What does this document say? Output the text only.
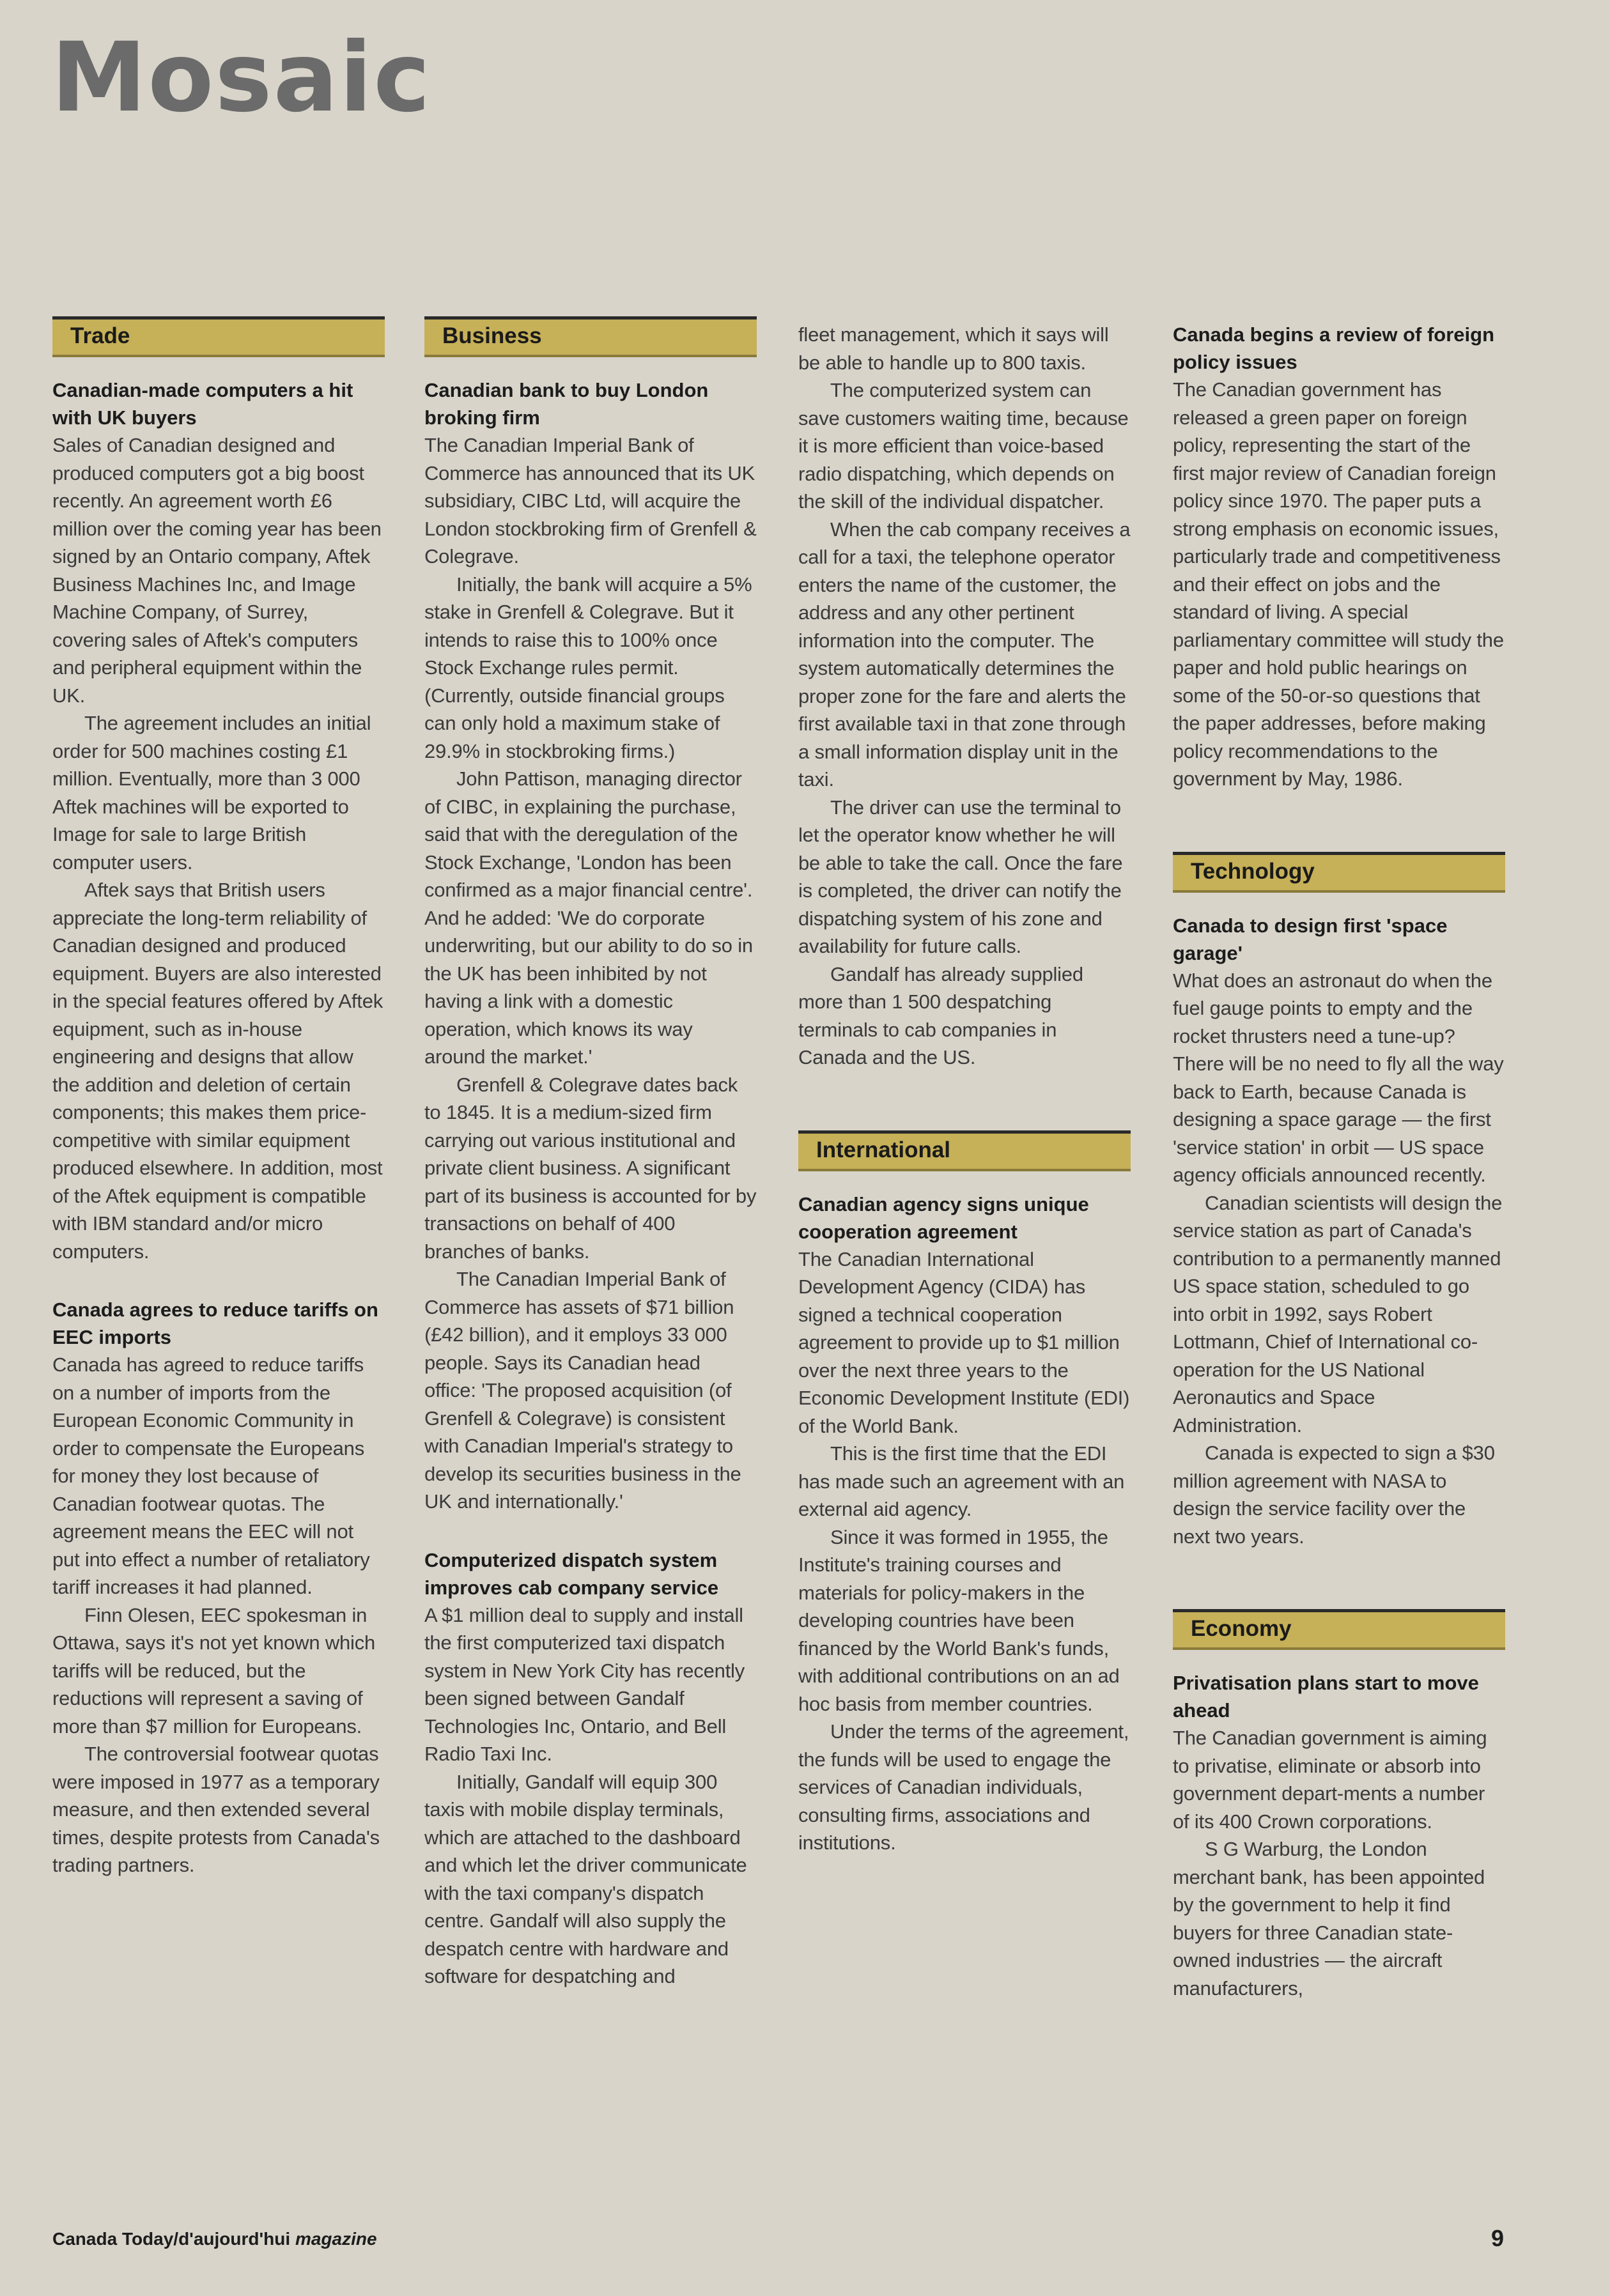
Mosaic
Trade
Canadian-made computers a hit with UK buyers

Sales of Canadian designed and produced computers got a big boost recently. An agreement worth £6 million over the coming year has been signed by an Ontario company, Aftek Business Machines Inc, and Image Machine Company, of Surrey, covering sales of Aftek's computers and peripheral equipment within the UK.

The agreement includes an initial order for 500 machines costing £1 million. Eventually, more than 3 000 Aftek machines will be exported to Image for sale to large British computer users.

Aftek says that British users appreciate the long-term reliability of Canadian designed and produced equipment. Buyers are also interested in the special features offered by Aftek equipment, such as in-house engineering and designs that allow the addition and deletion of certain components; this makes them price-competitive with similar equipment produced elsewhere. In addition, most of the Aftek equipment is compatible with IBM standard and/or micro computers.

Canada agrees to reduce tariffs on EEC imports

Canada has agreed to reduce tariffs on a number of imports from the European Economic Community in order to compensate the Europeans for money they lost because of Canadian footwear quotas. The agreement means the EEC will not put into effect a number of retaliatory tariff increases it had planned.

Finn Olesen, EEC spokesman in Ottawa, says it's not yet known which tariffs will be reduced, but the reductions will represent a saving of more than $7 million for Europeans.

The controversial footwear quotas were imposed in 1977 as a temporary measure, and then extended several times, despite protests from Canada's trading partners.

Business
Canadian bank to buy London broking firm

The Canadian Imperial Bank of Commerce has announced that its UK subsidiary, CIBC Ltd, will acquire the London stockbroking firm of Grenfell & Colegrave.

Initially, the bank will acquire a 5% stake in Grenfell & Colegrave. But it intends to raise this to 100% once Stock Exchange rules permit. (Currently, outside financial groups can only hold a maximum stake of 29.9% in stockbroking firms.)

John Pattison, managing director of CIBC, in explaining the purchase, said that with the deregulation of the Stock Exchange, 'London has been confirmed as a major financial centre'. And he added: 'We do corporate underwriting, but our ability to do so in the UK has been inhibited by not having a link with a domestic operation, which knows its way around the market.'

Grenfell & Colegrave dates back to 1845. It is a medium-sized firm carrying out various institutional and private client business. A significant part of its business is accounted for by transactions on behalf of 400 branches of banks.

The Canadian Imperial Bank of Commerce has assets of $71 billion (£42 billion), and it employs 33 000 people. Says its Canadian head office: 'The proposed acquisition (of Grenfell & Colegrave) is consistent with Canadian Imperial's strategy to develop its securities business in the UK and internationally.'

Computerized dispatch system improves cab company service

A $1 million deal to supply and install the first computerized taxi dispatch system in New York City has recently been signed between Gandalf Technologies Inc, Ontario, and Bell Radio Taxi Inc.

Initially, Gandalf will equip 300 taxis with mobile display terminals, which are attached to the dashboard and which let the driver communicate with the taxi company's dispatch centre. Gandalf will also supply the despatch centre with hardware and software for despatching and

fleet management, which it says will be able to handle up to 800 taxis.

The computerized system can save customers waiting time, because it is more efficient than voice-based radio dispatching, which depends on the skill of the individual dispatcher.

When the cab company receives a call for a taxi, the telephone operator enters the name of the customer, the address and any other pertinent information into the computer. The system automatically determines the proper zone for the fare and alerts the first available taxi in that zone through a small information display unit in the taxi.

The driver can use the terminal to let the operator know whether he will be able to take the call. Once the fare is completed, the driver can notify the dispatching system of his zone and availability for future calls.

Gandalf has already supplied more than 1 500 despatching terminals to cab companies in Canada and the US.

International
Canadian agency signs unique cooperation agreement

The Canadian International Development Agency (CIDA) has signed a technical cooperation agreement to provide up to $1 million over the next three years to the Economic Development Institute (EDI) of the World Bank.

This is the first time that the EDI has made such an agreement with an external aid agency.

Since it was formed in 1955, the Institute's training courses and materials for policy-makers in the developing countries have been financed by the World Bank's funds, with additional contributions on an ad hoc basis from member countries.

Under the terms of the agreement, the funds will be used to engage the services of Canadian individuals, consulting firms, associations and institutions.

Canada begins a review of foreign policy issues

The Canadian government has released a green paper on foreign policy, representing the start of the first major review of Canadian foreign policy since 1970. The paper puts a strong emphasis on economic issues, particularly trade and competitiveness and their effect on jobs and the standard of living. A special parliamentary committee will study the paper and hold public hearings on some of the 50-or-so questions that the paper addresses, before making policy recommendations to the government by May, 1986.

Technology
Canada to design first 'space garage'

What does an astronaut do when the fuel gauge points to empty and the rocket thrusters need a tune-up? There will be no need to fly all the way back to Earth, because Canada is designing a space garage — the first 'service station' in orbit — US space agency officials announced recently.

Canadian scientists will design the service station as part of Canada's contribution to a permanently manned US space station, scheduled to go into orbit in 1992, says Robert Lottmann, Chief of International co-operation for the US National Aeronautics and Space Administration.

Canada is expected to sign a $30 million agreement with NASA to design the service facility over the next two years.

Economy
Privatisation plans start to move ahead

The Canadian government is aiming to privatise, eliminate or absorb into government depart-ments a number of its 400 Crown corporations.

S G Warburg, the London merchant bank, has been appointed by the government to help it find buyers for three Canadian state-owned industries — the aircraft manufacturers,

Canada Today/d'aujourd'hui magazine	9
